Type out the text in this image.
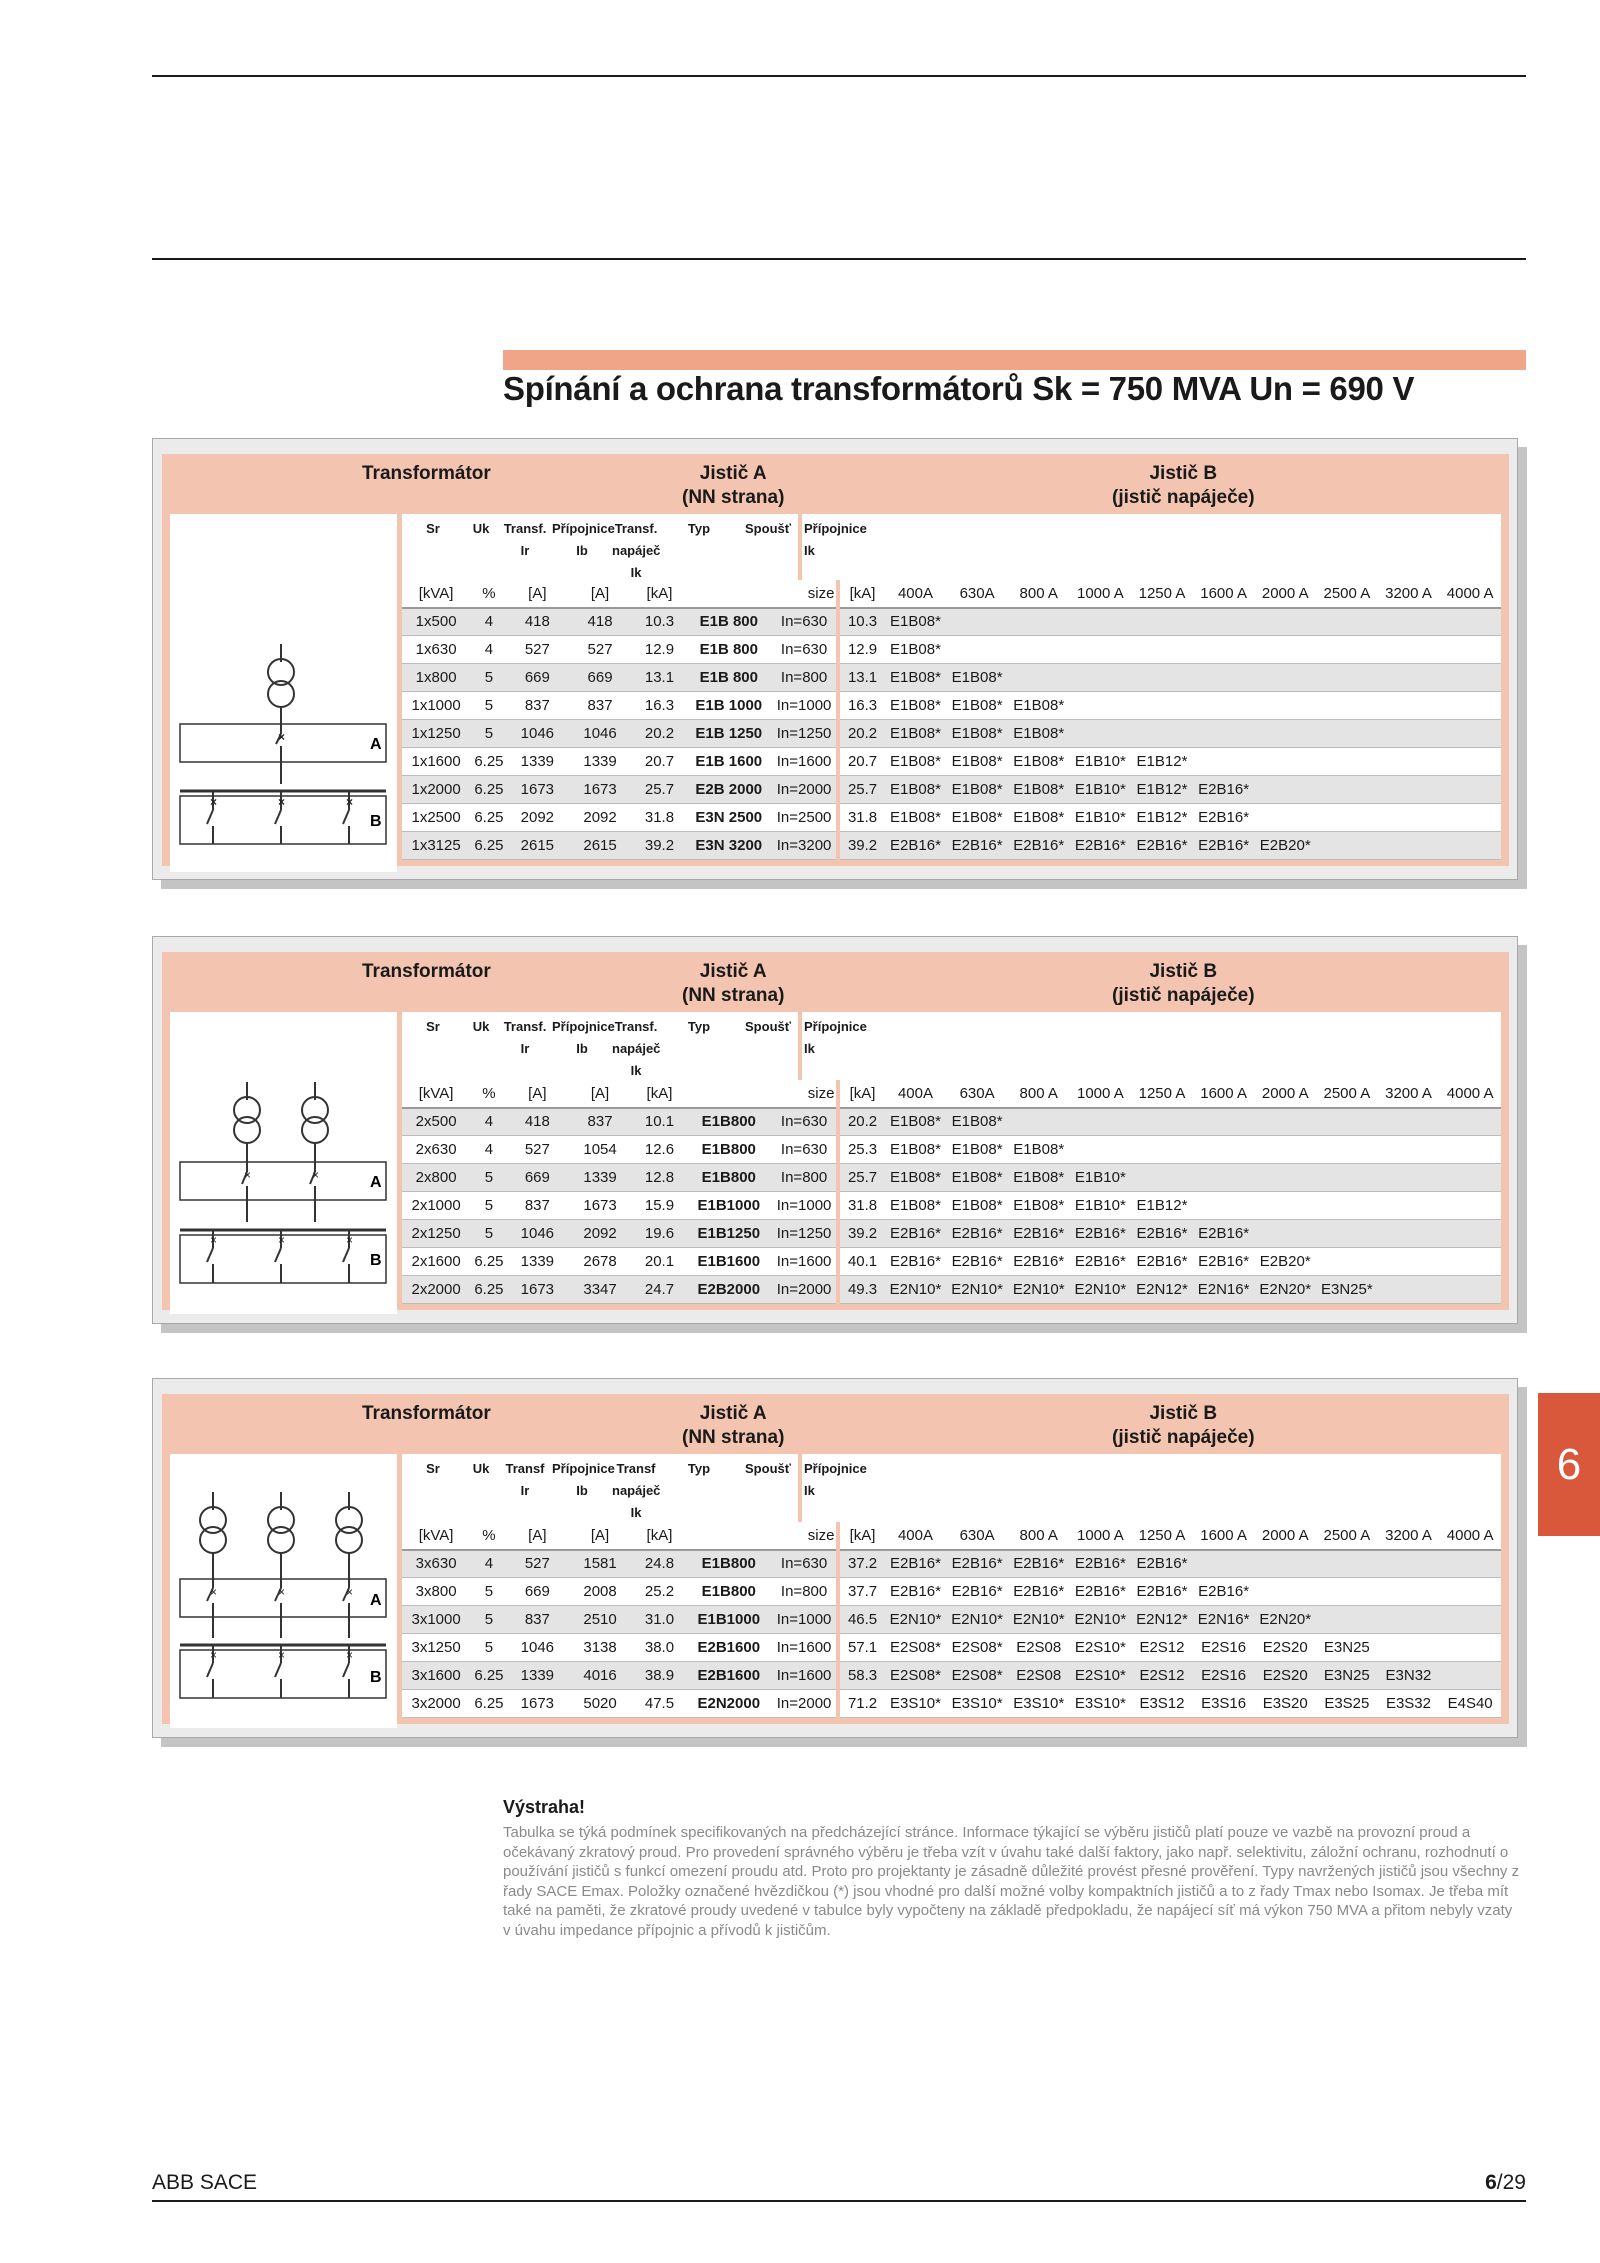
Spínání a ochrana transformátorů Sk = 750 MVA Un = 690 V
Transformátor	Jistič A
(NN strana)
Jistič B
(jistič napáječe)
×
×	×	×
A
B
Sr	Uk	Transf.
Ir
Přípojnice
Ib
Transf.
napáječ
Ik
Typ	Spoušť	Přípojnice
Ik
[kVA]	%	[A]	[A]	[kA]		size	[kA]	400A	630A	800 A	1000 A	1250 A	1600 A	2000 A	2500 A	3200 A	4000 A
1x500	4	418	418	10.3	E1B 800	In=630	10.3	E1B08*									
1x630	4	527	527	12.9	E1B 800	In=630	12.9	E1B08*									
1x800	5	669	669	13.1	E1B 800	In=800	13.1	E1B08*	E1B08*								
1x1000	5	837	837	16.3	E1B 1000	In=1000	16.3	E1B08*	E1B08*	E1B08*							
1x1250	5	1046	1046	20.2	E1B 1250	In=1250	20.2	E1B08*	E1B08*	E1B08*							
1x1600	6.25	1339	1339	20.7	E1B 1600	In=1600	20.7	E1B08*	E1B08*	E1B08*	E1B10*	E1B12*					
1x2000	6.25	1673	1673	25.7	E2B 2000	In=2000	25.7	E1B08*	E1B08*	E1B08*	E1B10*	E1B12*	E2B16*				
1x2500	6.25	2092	2092	31.8	E3N 2500	In=2500	31.8	E1B08*	E1B08*	E1B08*	E1B10*	E1B12*	E2B16*				
1x3125	6.25	2615	2615	39.2	E3N 3200	In=3200	39.2	E2B16*	E2B16*	E2B16*	E2B16*	E2B16*	E2B16*	E2B20*			
Transformátor	Jistič A
(NN strana)
Jistič B
(jistič napáječe)
×	×
×	×	×
A
B
Sr	Uk	Transf.
Ir
Přípojnice
Ib
Transf.
napáječ
Ik
Typ	Spoušť	Přípojnice
Ik
[kVA]	%	[A]	[A]	[kA]		size	[kA]	400A	630A	800 A	1000 A	1250 A	1600 A	2000 A	2500 A	3200 A	4000 A
2x500	4	418	837	10.1	E1B800	In=630	20.2	E1B08*	E1B08*								
2x630	4	527	1054	12.6	E1B800	In=630	25.3	E1B08*	E1B08*	E1B08*							
2x800	5	669	1339	12.8	E1B800	In=800	25.7	E1B08*	E1B08*	E1B08*	E1B10*						
2x1000	5	837	1673	15.9	E1B1000	In=1000	31.8	E1B08*	E1B08*	E1B08*	E1B10*	E1B12*					
2x1250	5	1046	2092	19.6	E1B1250	In=1250	39.2	E2B16*	E2B16*	E2B16*	E2B16*	E2B16*	E2B16*				
2x1600	6.25	1339	2678	20.1	E1B1600	In=1600	40.1	E2B16*	E2B16*	E2B16*	E2B16*	E2B16*	E2B16*	E2B20*			
2x2000	6.25	1673	3347	24.7	E2B2000	In=2000	49.3	E2N10*	E2N10*	E2N10*	E2N10*	E2N12*	E2N16*	E2N20*	E3N25*		
Transformátor	Jistič A
(NN strana)
Jistič B
(jistič napáječe)
×	×	×
×	×	×
A
B
Sr	Uk	Transf
Ir
Přípojnice
Ib
Transf
napáječ
Ik
Typ	Spoušť	Přípojnice
Ik
[kVA]	%	[A]	[A]	[kA]		size	[kA]	400A	630A	800 A	1000 A	1250 A	1600 A	2000 A	2500 A	3200 A	4000 A
3x630	4	527	1581	24.8	E1B800	In=630	37.2	E2B16*	E2B16*	E2B16*	E2B16*	E2B16*					
3x800	5	669	2008	25.2	E1B800	In=800	37.7	E2B16*	E2B16*	E2B16*	E2B16*	E2B16*	E2B16*				
3x1000	5	837	2510	31.0	E1B1000	In=1000	46.5	E2N10*	E2N10*	E2N10*	E2N10*	E2N12*	E2N16*	E2N20*			
3x1250	5	1046	3138	38.0	E2B1600	In=1600	57.1	E2S08*	E2S08*	E2S08	E2S10*	E2S12	E2S16	E2S20	E3N25		
3x1600	6.25	1339	4016	38.9	E2B1600	In=1600	58.3	E2S08*	E2S08*	E2S08	E2S10*	E2S12	E2S16	E2S20	E3N25	E3N32	
3x2000	6.25	1673	5020	47.5	E2N2000	In=2000	71.2	E3S10*	E3S10*	E3S10*	E3S10*	E3S12	E3S16	E3S20	E3S25	E3S32	E4S40
6
Výstraha!
Tabulka se týká podmínek specifikovaných na předcházející stránce. Informace týkající se výběru jističů platí pouze ve vazbě na provozní proud a očekávaný zkratový proud. Pro provedení správného výběru je třeba vzít v úvahu také další faktory, jako např. selektivitu, záložní ochranu, rozhodnutí o používání jističů s funkcí omezení proudu atd. Proto pro projektanty je zásadně důležité provést přesné prověření. Typy navržených jističů jsou všechny z řady SACE Emax. Položky označené hvězdičkou (*) jsou vhodné pro další možné volby kompaktních jističů a to z řady Tmax nebo Isomax. Je třeba mít také na paměti, že zkratové proudy uvedené v tabulce byly vypočteny na základě předpokladu, že napájecí síť má výkon 750 MVA a přitom nebyly vzaty v úvahu impedance přípojnic a přívodů k jističům.
ABB SACE	6/29
